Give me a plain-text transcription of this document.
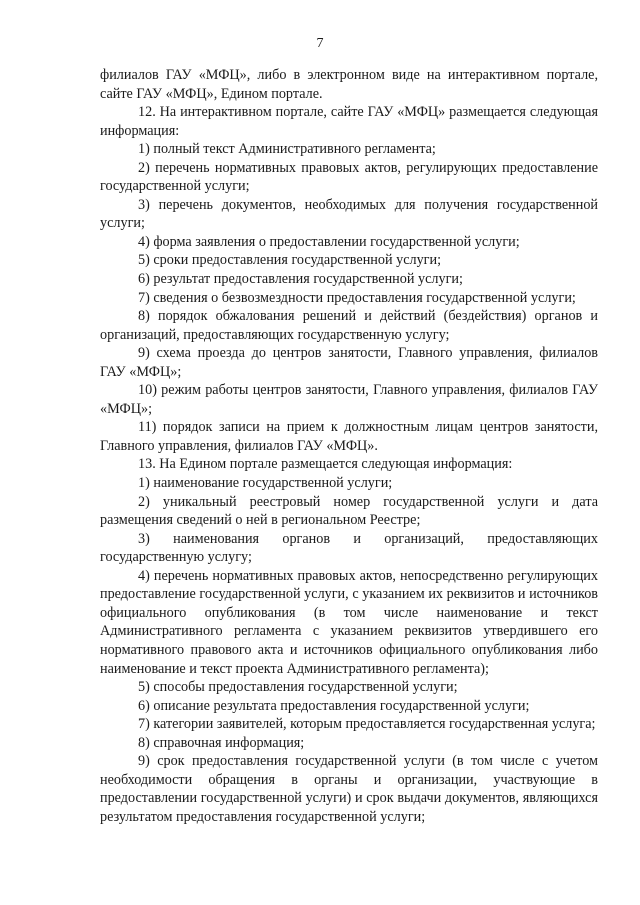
7

филиалов ГАУ «МФЦ», либо в электронном виде на интерактивном портале, сайте ГАУ «МФЦ», Едином портале.

12. На интерактивном портале, сайте ГАУ «МФЦ» размещается следующая информация:

1) полный текст Административного регламента;

2) перечень нормативных правовых актов, регулирующих предоставление государственной услуги;

3) перечень документов, необходимых для получения государственной услуги;

4) форма заявления о предоставлении государственной услуги;

5) сроки предоставления государственной услуги;

6) результат предоставления государственной услуги;

7) сведения о безвозмездности предоставления государственной услуги;

8) порядок обжалования решений и действий (бездействия) органов и организаций, предоставляющих государственную услугу;

9) схема проезда до центров занятости, Главного управления, филиалов ГАУ «МФЦ»;

10) режим работы центров занятости, Главного управления, филиалов ГАУ «МФЦ»;

11) порядок записи на прием к должностным лицам центров занятости, Главного управления, филиалов ГАУ «МФЦ».

13. На Едином портале размещается следующая информация:

1) наименование государственной услуги;

2) уникальный реестровый номер государственной услуги и дата размещения сведений о ней в региональном Реестре;

3) наименования органов и организаций, предоставляющих государственную услугу;

4) перечень нормативных правовых актов, непосредственно регулирующих предоставление государственной услуги, с указанием их реквизитов и источников официального опубликования (в том числе наименование и текст Административного регламента с указанием реквизитов утвердившего его нормативного правового акта и источников официального опубликования либо наименование и текст проекта Административного регламента);

5) способы предоставления государственной услуги;

6) описание результата предоставления государственной услуги;

7) категории заявителей, которым предоставляется государственная услуга;

8) справочная информация;

9) срок предоставления государственной услуги (в том числе с учетом необходимости обращения в органы и организации, участвующие в предоставлении государственной услуги) и срок выдачи документов, являющихся результатом предоставления государственной услуги;
